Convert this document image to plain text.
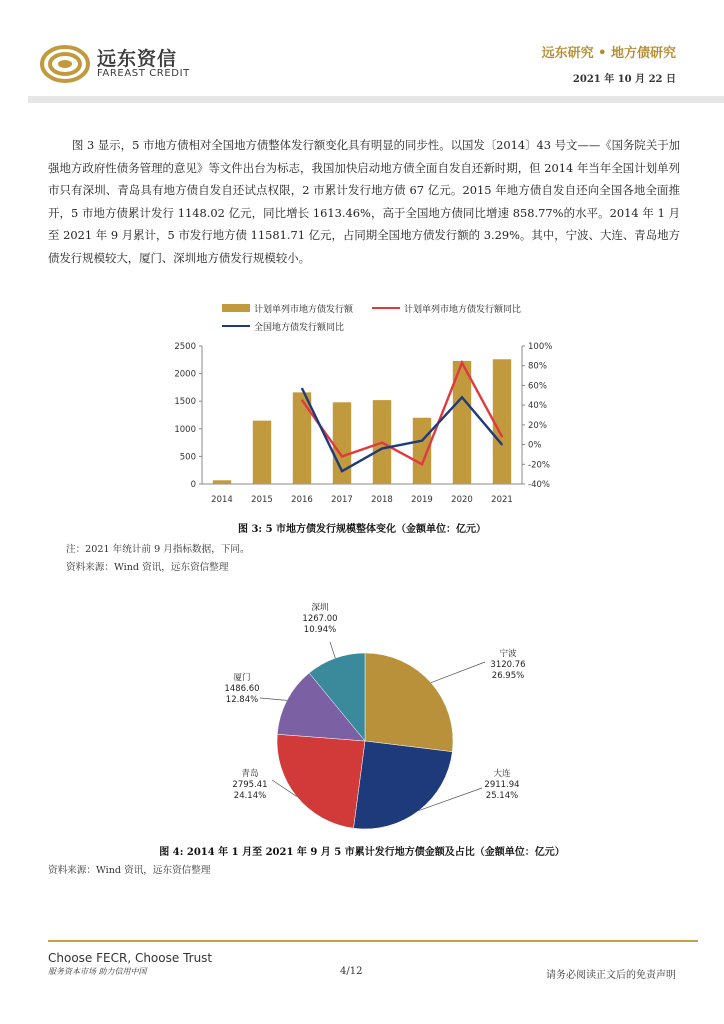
远东资信
FAREAST CREDIT
远东研究 • 地方债研究
2021 年 10 月 22 日
图 3 显示，5 市地方债相对全国地方债整体发行额变化具有明显的同步性。以国发〔2014〕43 号文——《国务院关于加强地方政府性债务管理的意见》等文件出台为标志，我国加快启动地方债全面自发自还新时期，但 2014 年当年全国计划单列市只有深圳、青岛具有地方债自发自还试点权限，2 市累计发行地方债 67 亿元。2015 年地方债自发自还向全国各地全面推开，5 市地方债累计发行 1148.02 亿元，同比增长 1613.46%，高于全国地方债同比增速 858.77%的水平。2014 年 1 月至 2021 年 9 月累计，5 市发行地方债 11581.71 亿元，占同期全国地方债发行额的 3.29%。其中，宁波、大连、青岛地方债发行规模较大，厦门、深圳地方债发行规模较小。
计划单列市地方债发行额	计划单列市地方债发行额同比
全国地方债发行额同比
0
500
1000
1500
2000
2500
-40%
-20%
0%
20%
40%
60%
80%
100%
2014 2015 2016 2017 2018 2019 2020 2021
图 3: 5 市地方债发行规模整体变化（金额单位：亿元）
注：2021 年统计前 9 月指标数据，下同。
资料来源：Wind 资讯，远东资信整理
宁波
3120.76
26.95%
大连
2911.94
25.14%
青岛
2795.41
24.14%
厦门
1486.60
12.84%
深圳
1267.00
10.94%
图 4: 2014 年 1 月至 2021 年 9 月 5 市累计发行地方债金额及占比（金额单位：亿元）
资料来源：Wind 资讯，远东资信整理
Choose FECR, Choose Trust
服务资本市场 助力信用中国	4/12	请务必阅读正文后的免责声明
